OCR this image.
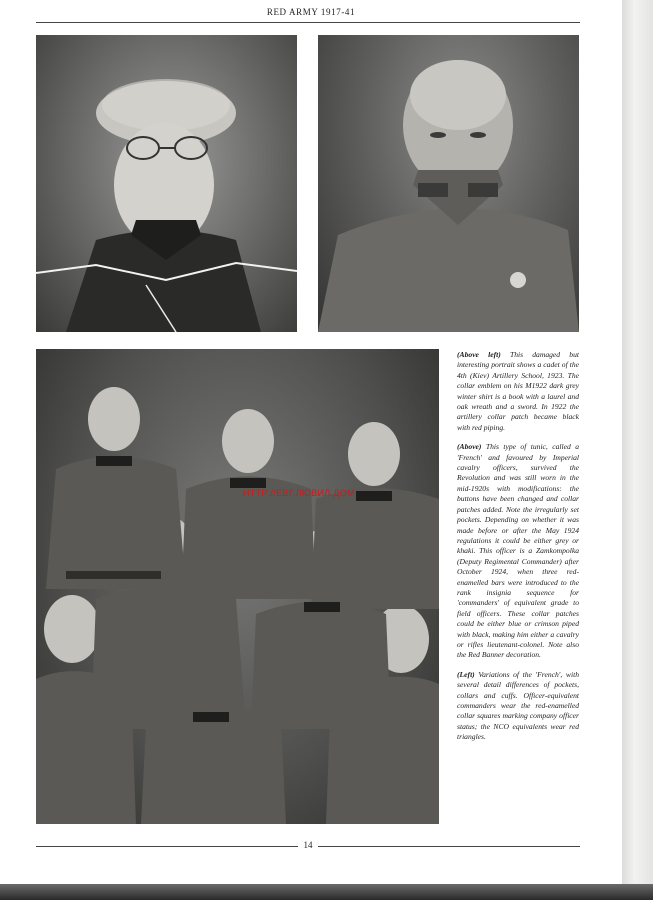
RED ARMY 1917-41
HTTP://ЕВГ.ЛЮВИЛ.ДОМ

(Above left) This damaged but interesting portrait shows a cadet of the 4th (Kiev) Artillery School, 1923. The collar emblem on his M1922 dark grey winter shirt is a book with a laurel and oak wreath and a sword. In 1922 the artillery collar patch became black with red piping.

(Above) This type of tunic, called a 'French' and favoured by Imperial cavalry officers, survived the Revolution and was still worn in the mid-1920s with modifications: the buttons have been changed and collar patches added. Note the irregularly set pockets. Depending on whether it was made before or after the May 1924 regulations it could be either grey or khaki. This officer is a Zamkompolka (Deputy Regimental Commander) after October 1924, when three red-enamelled bars were introduced to the rank insignia sequence for 'commanders' of equivalent grade to field officers. These collar patches could be either blue or crimson piped with black, making him either a cavalry or rifles lieutenant-colonel. Note also the Red Banner decoration.

(Left) Variations of the 'French', with several detail differences of pockets, collars and cuffs. Officer-equivalent commanders wear the red-enamelled collar squares marking company officer status; the NCO equivalents wear red triangles.

14
